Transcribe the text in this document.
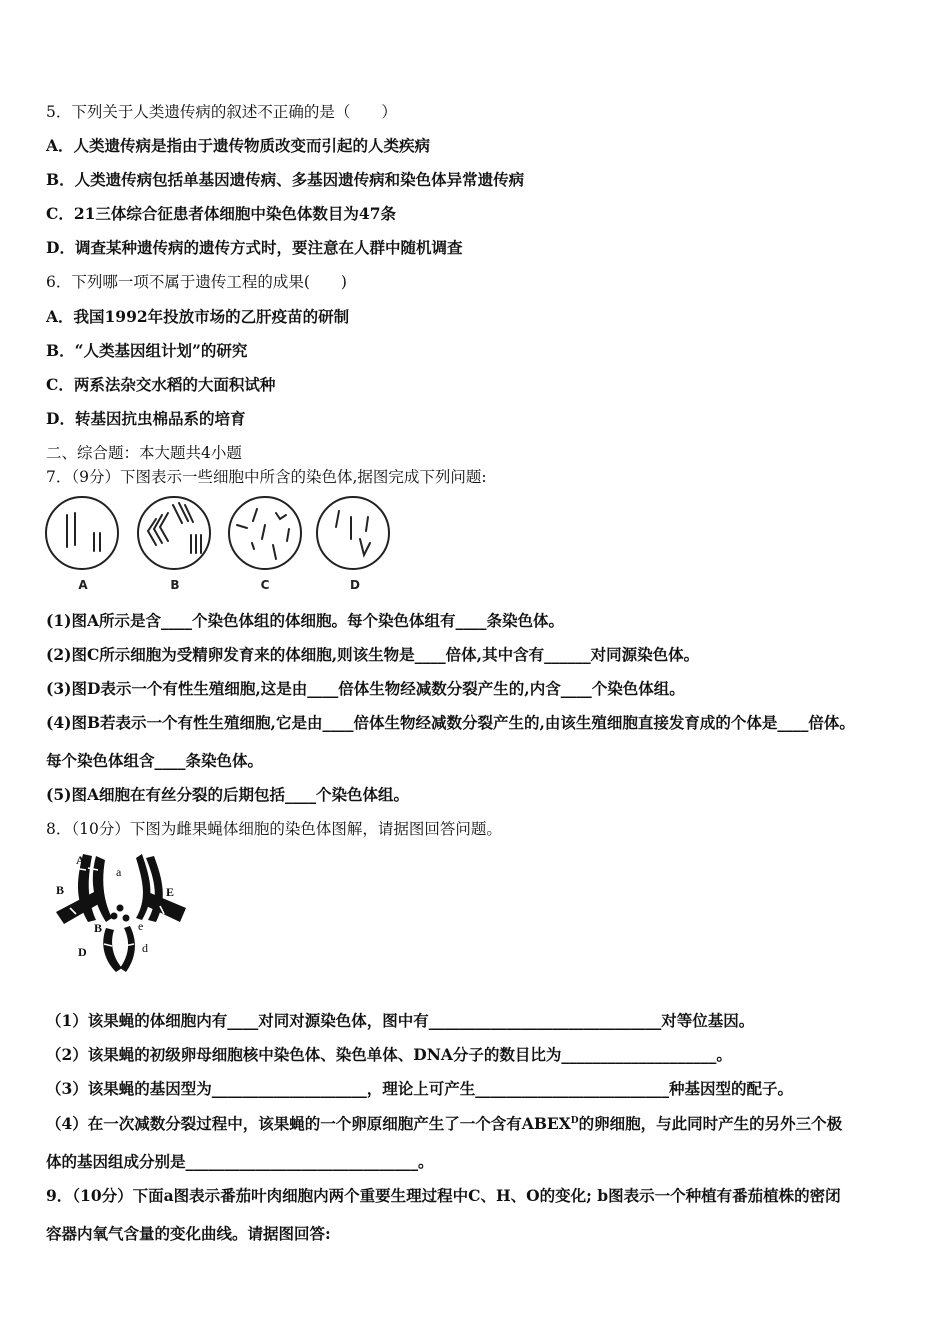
5．下列关于人类遗传病的叙述不正确的是（　　）
A．人类遗传病是指由于遗传物质改变而引起的人类疾病
B．人类遗传病包括单基因遗传病、多基因遗传病和染色体异常遗传病
C．21三体综合征患者体细胞中染色体数目为47条
D．调查某种遗传病的遗传方式时，要注意在人群中随机调查
6．下列哪一项不属于遗传工程的成果(　　)
A．我国1992年投放市场的乙肝疫苗的研制
B．“人类基因组计划”的研究
C．两系法杂交水稻的大面积试种
D．转基因抗虫棉品系的培育
二、综合题：本大题共4小题
7．（9分）下图表示一些细胞中所含的染色体,据图完成下列问题:
A	B	C	D
(1)图A所示是含____个染色体组的体细胞。每个染色体组有____条染色体。
(2)图C所示细胞为受精卵发育来的体细胞,则该生物是____倍体,其中含有______对同源染色体。
(3)图D表示一个有性生殖细胞,这是由____倍体生物经减数分裂产生的,内含____个染色体组。
(4)图B若表示一个有性生殖细胞,它是由____倍体生物经减数分裂产生的,由该生殖细胞直接发育成的个体是____倍体。
每个染色体组含____条染色体。
(5)图A细胞在有丝分裂的后期包括____个染色体组。
8．（10分）下图为雌果蝇体细胞的染色体图解，请据图回答问题。
A
a
B	E
B	e
D	d
（1）该果蝇的体细胞内有____对同对源染色体，图中有______________________________对等位基因。
（2）该果蝇的初级卵母细胞核中染色体、染色单体、DNA分子的数目比为____________________。
（3）该果蝇的基因型为____________________，理论上可产生_________________________种基因型的配子。
（4）在一次减数分裂过程中，该果蝇的一个卵原细胞产生了一个含有$ABEX^D$的卵细胞，与此同时产生的另外三个极
体的基因组成分别是______________________________。
9．（10分）下面a图表示番茄叶肉细胞内两个重要生理过程中C、H、O的变化; b图表示一个种植有番茄植株的密闭
容器内氧气含量的变化曲线。请据图回答:
